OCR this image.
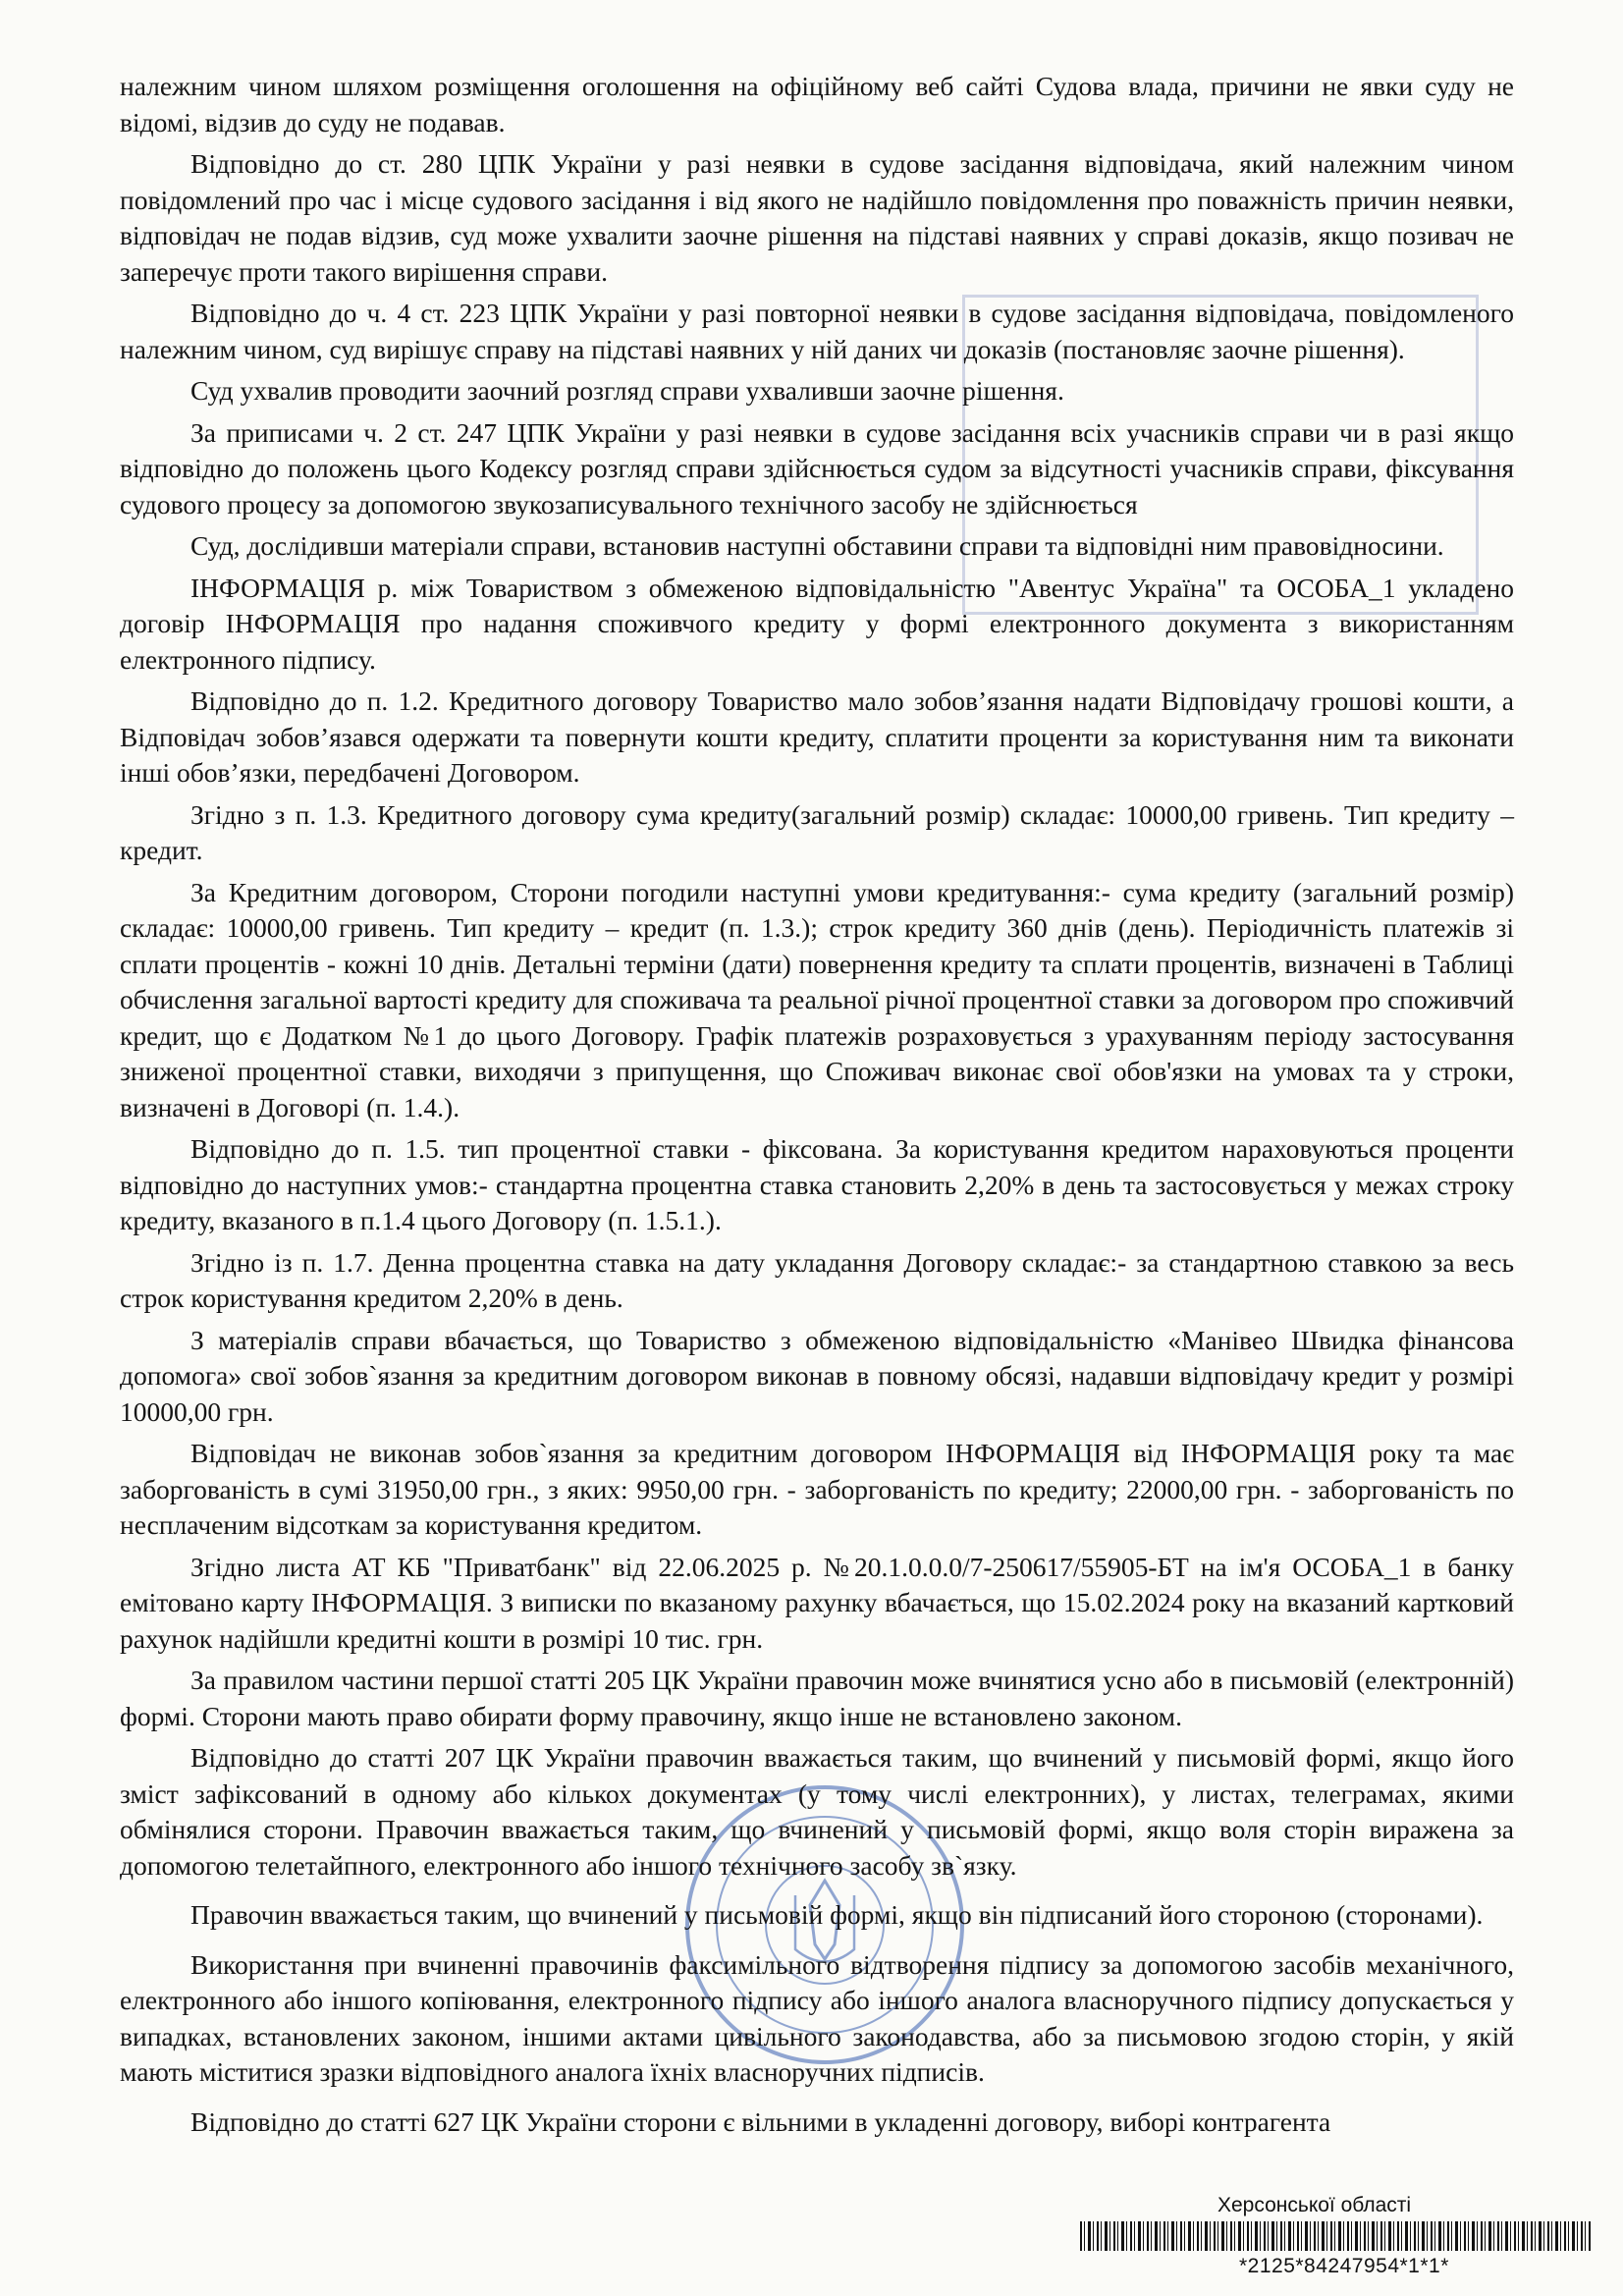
належним чином шляхом розміщення оголошення на офіційному веб сайті Судова влада, причини не явки суду не відомі, відзив до суду не подавав.

Відповідно до ст. 280 ЦПК України у разі неявки в судове засідання відповідача, який належним чином повідомлений про час і місце судового засідання і від якого не надійшло повідомлення про поважність причин неявки, відповідач не подав відзив, суд може ухвалити заочне рішення на підставі наявних у справі доказів, якщо позивач не заперечує проти такого вирішення справи.

Відповідно до ч. 4 ст. 223 ЦПК України у разі повторної неявки в судове засідання відповідача, повідомленого належним чином, суд вирішує справу на підставі наявних у ній даних чи доказів (постановляє заочне рішення).

Суд ухвалив проводити заочний розгляд справи ухваливши заочне рішення.

За приписами ч. 2 ст. 247 ЦПК України у разі неявки в судове засідання всіх учасників справи чи в разі якщо відповідно до положень цього Кодексу розгляд справи здійснюється судом за відсутності учасників справи, фіксування судового процесу за допомогою звукозаписувального технічного засобу не здійснюється

Суд, дослідивши матеріали справи, встановив наступні обставини справи та відповідні ним правовідносини.

ІНФОРМАЦІЯ р. між Товариством з обмеженою відповідальністю "Авентус Україна" та ОСОБА_1 укладено договір ІНФОРМАЦІЯ про надання споживчого кредиту у формі електронного документа з використанням електронного підпису.

Відповідно до п. 1.2. Кредитного договору Товариство мало зобов’язання надати Відповідачу грошові кошти, а Відповідач зобов’язався одержати та повернути кошти кредиту, сплатити проценти за користування ним та виконати інші обов’язки, передбачені Договором.

Згідно з п. 1.3. Кредитного договору сума кредиту(загальний розмір) складає: 10000,00 гривень. Тип кредиту – кредит.

За Кредитним договором, Сторони погодили наступні умови кредитування:- сума кредиту (загальний розмір) складає: 10000,00 гривень. Тип кредиту – кредит (п. 1.3.); строк кредиту 360 днів (день). Періодичність платежів зі сплати процентів - кожні 10 днів. Детальні терміни (дати) повернення кредиту та сплати процентів, визначені в Таблиці обчислення загальної вартості кредиту для споживача та реальної річної процентної ставки за договором про споживчий кредит, що є Додатком №1 до цього Договору. Графік платежів розраховується з урахуванням періоду застосування зниженої процентної ставки, виходячи з припущення, що Споживач виконає свої обов'язки на умовах та у строки, визначені в Договорі (п. 1.4.).

Відповідно до п. 1.5. тип процентної ставки - фіксована. За користування кредитом нараховуються проценти відповідно до наступних умов:- стандартна процентна ставка становить 2,20% в день та застосовується у межах строку кредиту, вказаного в п.1.4 цього Договору (п. 1.5.1.).

Згідно із п. 1.7. Денна процентна ставка на дату укладання Договору складає:- за стандартною ставкою за весь строк користування кредитом 2,20% в день.

З матеріалів справи вбачається, що Товариство з обмеженою відповідальністю «Манівео Швидка фінансова допомога» свої зобов`язання за кредитним договором виконав в повному обсязі, надавши відповідачу кредит у розмірі 10000,00 грн.

Відповідач не виконав зобов`язання за кредитним договором ІНФОРМАЦІЯ від ІНФОРМАЦІЯ року та має заборгованість в сумі 31950,00 грн., з яких: 9950,00 грн. - заборгованість по кредиту; 22000,00 грн. - заборгованість по несплаченим відсоткам за користування кредитом.

Згідно листа АТ КБ "Приватбанк" від 22.06.2025 р. №20.1.0.0.0/7-250617/55905-БТ на ім'я ОСОБА_1 в банку емітовано карту ІНФОРМАЦІЯ. З виписки по вказаному рахунку вбачається, що 15.02.2024 року на вказаний картковий рахунок надійшли кредитні кошти в розмірі 10 тис. грн.

За правилом частини першої статті 205 ЦК України правочин може вчинятися усно або в письмовій (електронній) формі. Сторони мають право обирати форму правочину, якщо інше не встановлено законом.

Відповідно до статті 207 ЦК України правочин вважається таким, що вчинений у письмовій формі, якщо його зміст зафіксований в одному або кількох документах (у тому числі електронних), у листах, телеграмах, якими обмінялися сторони. Правочин вважається таким, що вчинений у письмовій формі, якщо воля сторін виражена за допомогою телетайпного, електронного або іншого технічного засобу зв`язку.

Правочин вважається таким, що вчинений у письмовій формі, якщо він підписаний його стороною (сторонами).

Використання при вчиненні правочинів факсимільного відтворення підпису за допомогою засобів механічного, електронного або іншого копіювання, електронного підпису або іншого аналога власноручного підпису допускається у випадках, встановлених законом, іншими актами цивільного законодавства, або за письмовою згодою сторін, у якій мають міститися зразки відповідного аналога їхніх власноручних підписів.

Відповідно до статті 627 ЦК України сторони є вільними в укладенні договору, виборі контрагента

Херсонської області
*2125*84247954*1*1*
